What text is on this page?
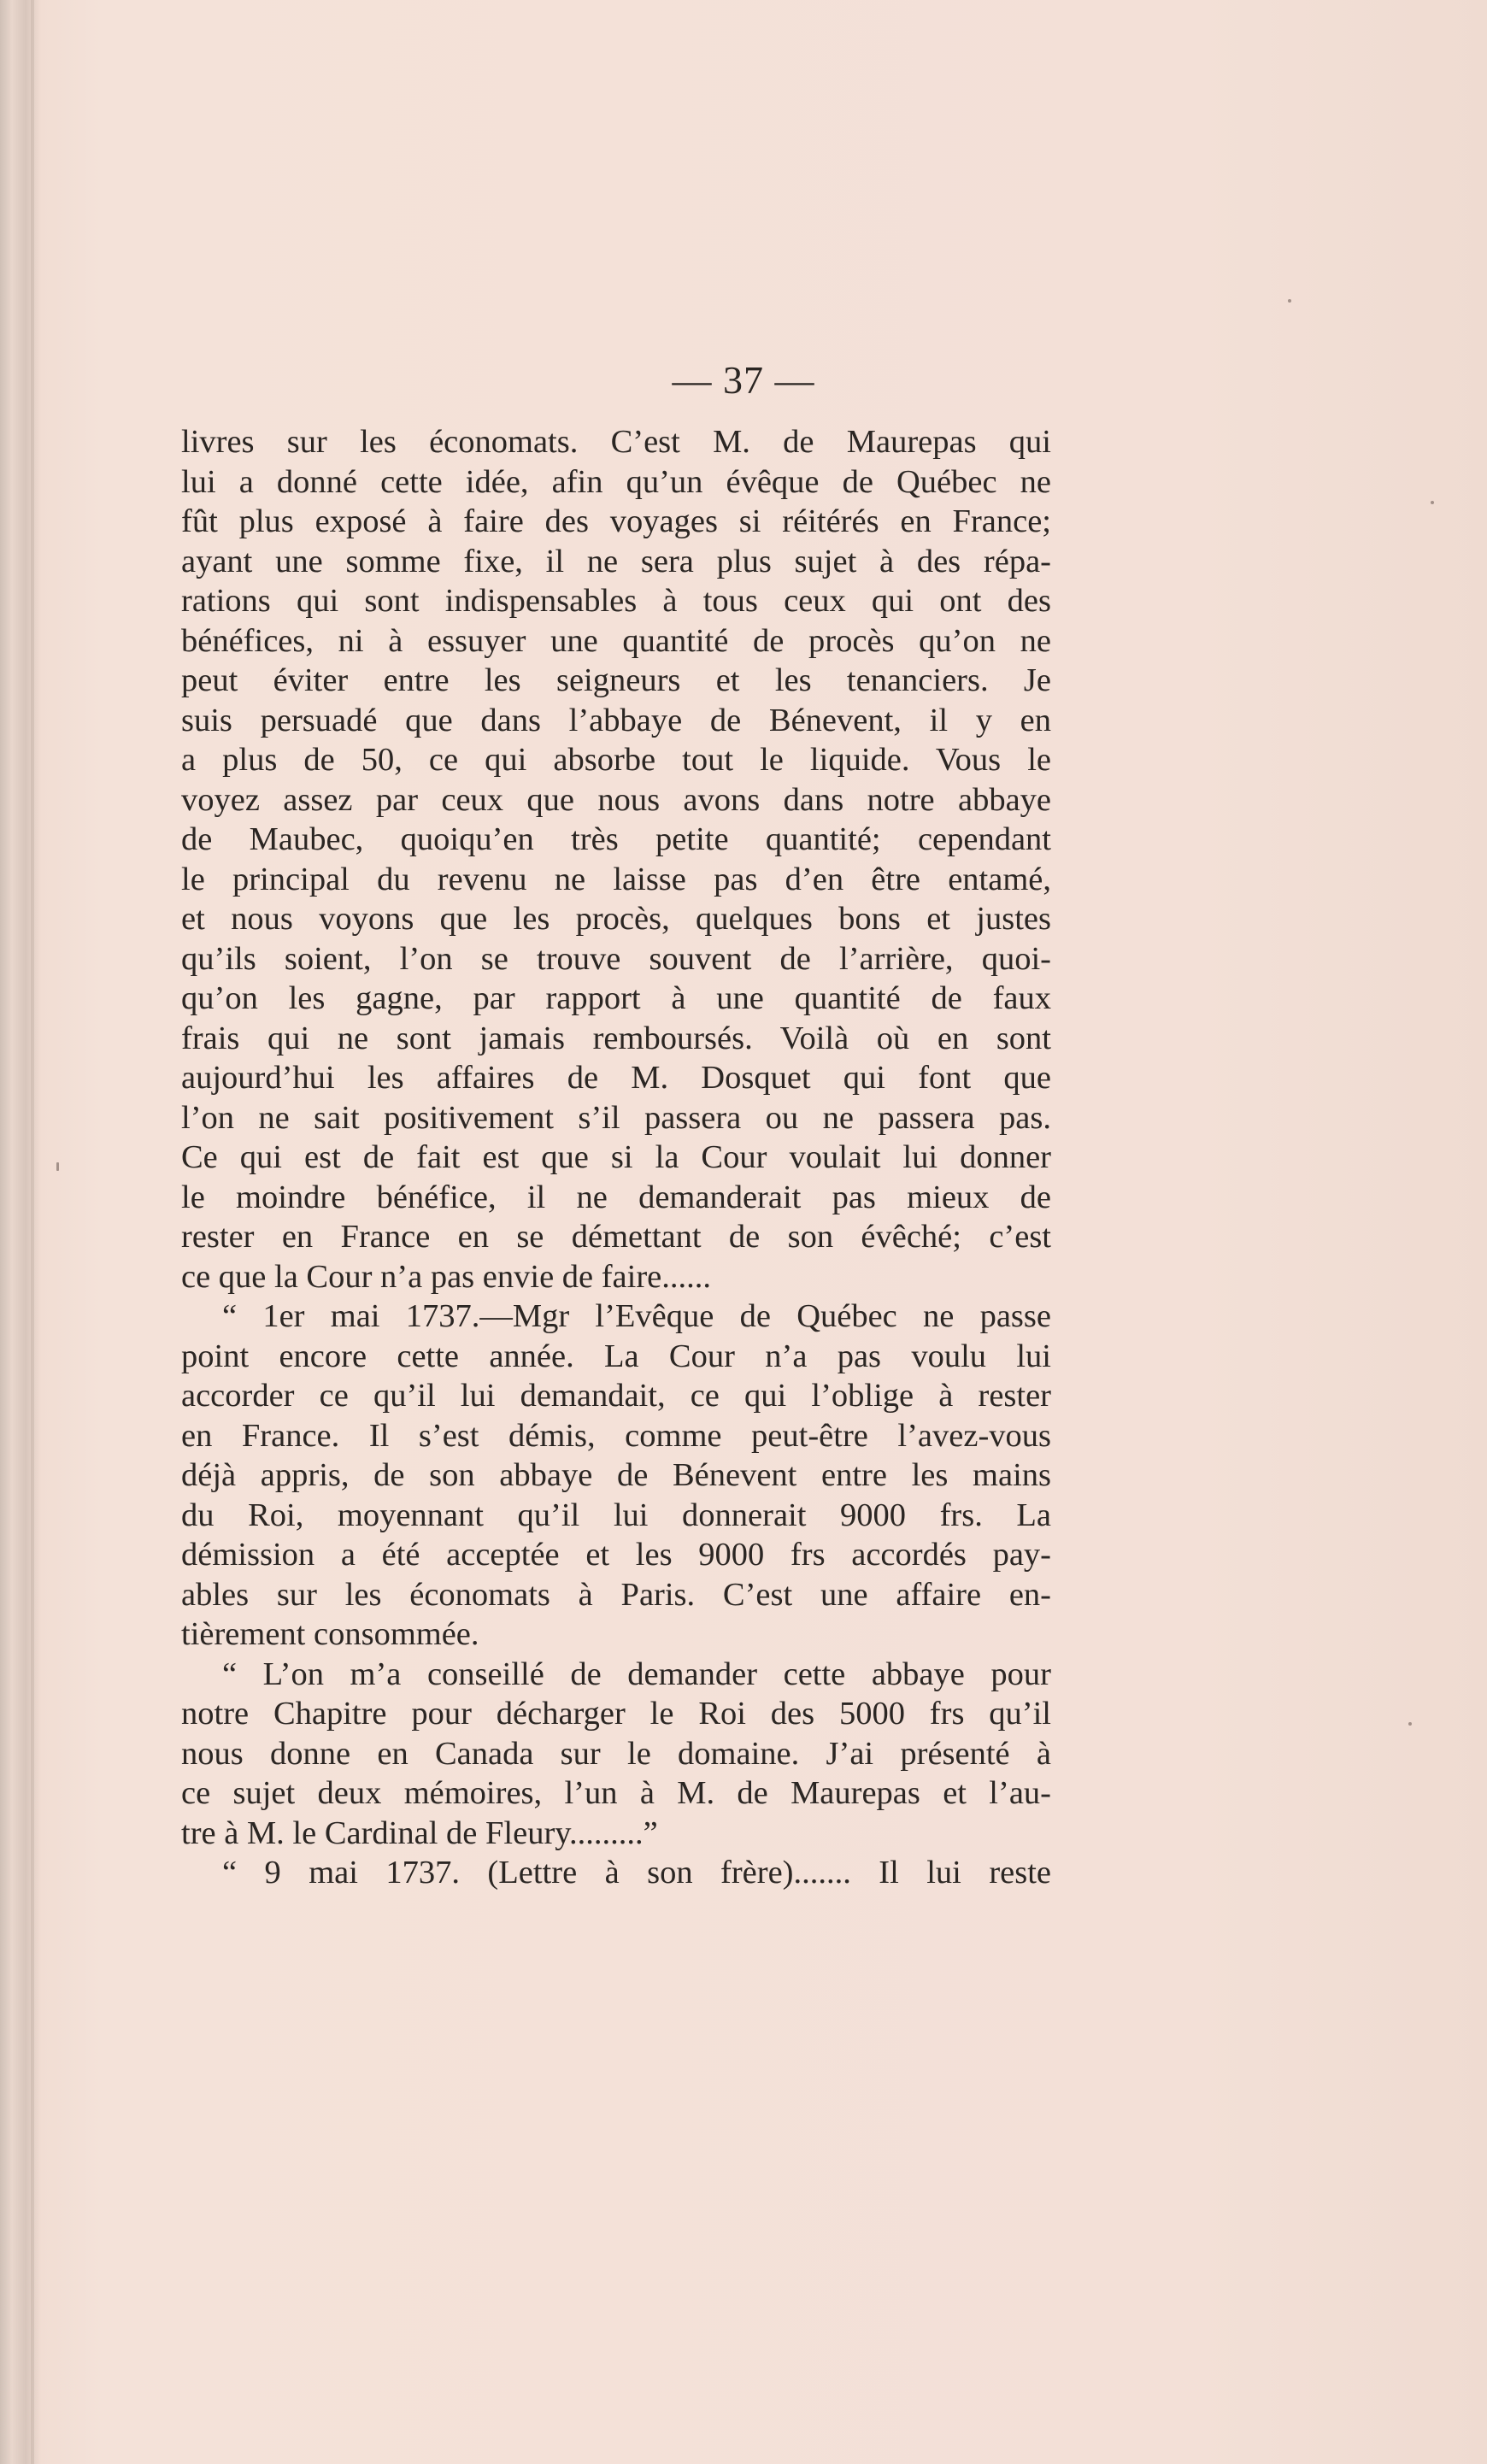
— 37 —
livres sur les économats. C’est M. de Maurepas qui
lui a donné cette idée, afin qu’un évêque de Québec ne
fût plus exposé à faire des voyages si réitérés en France;
ayant une somme fixe, il ne sera plus sujet à des répa-
rations qui sont indispensables à tous ceux qui ont des
bénéfices, ni à essuyer une quantité de procès qu’on ne
peut éviter entre les seigneurs et les tenanciers. Je
suis persuadé que dans l’abbaye de Bénevent, il y en
a plus de 50, ce qui absorbe tout le liquide. Vous le
voyez assez par ceux que nous avons dans notre abbaye
de Maubec, quoiqu’en très petite quantité; cependant
le principal du revenu ne laisse pas d’en être entamé,
et nous voyons que les procès, quelques bons et justes
qu’ils soient, l’on se trouve souvent de l’arrière, quoi-
qu’on les gagne, par rapport à une quantité de faux
frais qui ne sont jamais remboursés. Voilà où en sont
aujourd’hui les affaires de M. Dosquet qui font que
l’on ne sait positivement s’il passera ou ne passera pas.
Ce qui est de fait est que si la Cour voulait lui donner
le moindre bénéfice, il ne demanderait pas mieux de
rester en France en se démettant de son évêché; c’est
ce que la Cour n’a pas envie de faire......
“ 1er mai 1737.—Mgr l’Evêque de Québec ne passe
point encore cette année. La Cour n’a pas voulu lui
accorder ce qu’il lui demandait, ce qui l’oblige à rester
en France. Il s’est démis, comme peut-être l’avez-vous
déjà appris, de son abbaye de Bénevent entre les mains
du Roi, moyennant qu’il lui donnerait 9000 frs. La
démission a été acceptée et les 9000 frs accordés pay-
ables sur les économats à Paris. C’est une affaire en-
tièrement consommée.
“ L’on m’a conseillé de demander cette abbaye pour
notre Chapitre pour décharger le Roi des 5000 frs qu’il
nous donne en Canada sur le domaine. J’ai présenté à
ce sujet deux mémoires, l’un à M. de Maurepas et l’au-
tre à M. le Cardinal de Fleury.........”
“ 9 mai 1737. (Lettre à son frère)....... Il lui reste
